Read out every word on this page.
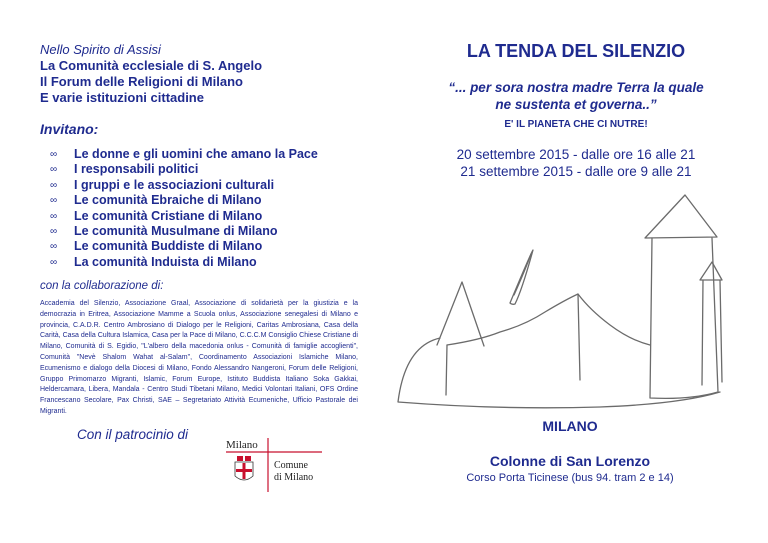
Nello Spirito di Assisi
La Comunità ecclesiale di S. Angelo
Il Forum delle Religioni di Milano
E varie istituzioni cittadine
Invitano:
∞	Le donne e gli uomini che amano la Pace
∞	I responsabili politici
∞	I gruppi e le associazioni culturali
∞	Le comunità Ebraiche di Milano
∞	Le comunità Cristiane di Milano
∞	Le comunità Musulmane di Milano
∞	Le comunità Buddiste di Milano
∞	La comunità Induista di Milano
con la collaborazione di:
Accademia del Silenzio, Associazione Graal, Associazione di solidarietà per la giustizia e la democrazia in Eritrea, Associazione Mamme a Scuola onlus, Associazione senegalesi di Milano e provincia, C.A.D.R. Centro Ambrosiano di Dialogo per le Religioni, Caritas Ambrosiana, Casa della Carità, Casa della Cultura Islamica, Casa per la Pace di Milano, C.C.C.M Consiglio Chiese Cristiane di Milano, Comunità di S. Egidio, "L'albero della macedonia onlus - Comunità di famiglie accoglienti", Comunità "Nevè Shalom Wahat al-Salam", Coordinamento Associazioni Islamiche Milano, Ecumenismo e dialogo della Diocesi di Milano, Fondo Alessandro Nangeroni, Forum delle Religioni, Gruppo Primomarzo Migranti, Islamic, Forum Europe, Istituto Buddista Italiano Soka Gakkai, Heldercamara, Libera, Mandala - Centro Studi Tibetani Milano, Medici Volontari Italiani, OFS Ordine Francescano Secolare, Pax Christi, SAE – Segretariato Attività Ecumeniche, Ufficio Pastorale dei Migranti.
Con il patrocinio di
Milano
Comune
di Milano
LA TENDA DEL SILENZIO
“... per sora nostra madre Terra la quale
ne sustenta et governa..”
E' IL PIANETA CHE CI NUTRE!
20 settembre 2015 - dalle ore 16 alle 21
21 settembre 2015 - dalle ore 9 alle 21
MILANO
Colonne di San Lorenzo
Corso Porta Ticinese (bus 94. tram 2 e 14)
